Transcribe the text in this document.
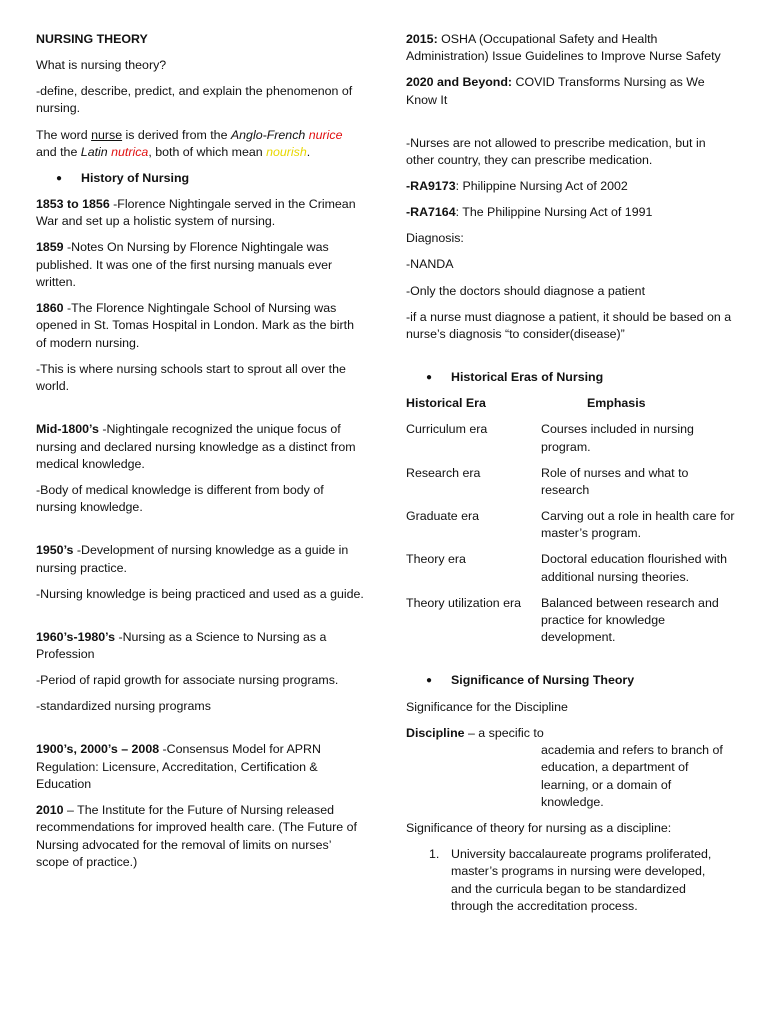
NURSING THEORY

What is nursing theory?

-define, describe, predict, and explain the phenomenon of nursing.

The word nurse is derived from the Anglo-French nurice and the Latin nutrica, both of which mean nourish.

●	History of Nursing

1853 to 1856 -Florence Nightingale served in the Crimean War and set up a holistic system of nursing.

1859 -Notes On Nursing by Florence Nightingale was published. It was one of the first nursing manuals ever written.

1860 -The Florence Nightingale School of Nursing was opened in St. Tomas Hospital in London. Mark as the birth of modern nursing.

-This is where nursing schools start to sprout all over the world.

Mid-1800’s -Nightingale recognized the unique focus of nursing and declared nursing knowledge as a distinct from medical knowledge.

-Body of medical knowledge is different from body of nursing knowledge.

1950’s -Development of nursing knowledge as a guide in nursing practice.

-Nursing knowledge is being practiced and used as a guide.

1960’s-1980’s -Nursing as a Science to Nursing as a Profession

-Period of rapid growth for associate nursing programs.

-standardized nursing programs

1900’s, 2000’s – 2008 -Consensus Model for APRN Regulation: Licensure, Accreditation, Certification & Education

2010 – The Institute for the Future of Nursing released recommendations for improved health care. (The Future of Nursing advocated for the removal of limits on nurses’ scope of practice.)

2015: OSHA (Occupational Safety and Health Administration) Issue Guidelines to Improve Nurse Safety

2020 and Beyond: COVID Transforms Nursing as We Know It

-Nurses are not allowed to prescribe medication, but in other country, they can prescribe medication.

-RA9173: Philippine Nursing Act of 2002

-RA7164: The Philippine Nursing Act of 1991

Diagnosis:

-NANDA

-Only the doctors should diagnose a patient

-if a nurse must diagnose a patient, it should be based on a nurse’s diagnosis “to consider(disease)”

●	Historical Eras of Nursing
Historical Era	Emphasis
Curriculum era	Courses included in nursing program.
Research era	Role of nurses and what to research
Graduate era	Carving out a role in health care for master’s program.
Theory era	Doctoral education flourished with additional nursing theories.
Theory utilization era	Balanced between research and practice for knowledge development.
●	Significance of Nursing Theory

Significance for the Discipline

Discipline – a specific to
academia and refers to branch of education, a department of learning, or a domain of knowledge.

Significance of theory for nursing as a discipline:

1. University baccalaureate programs proliferated, master’s programs in nursing were developed, and the curricula began to be standardized through the accreditation process.
